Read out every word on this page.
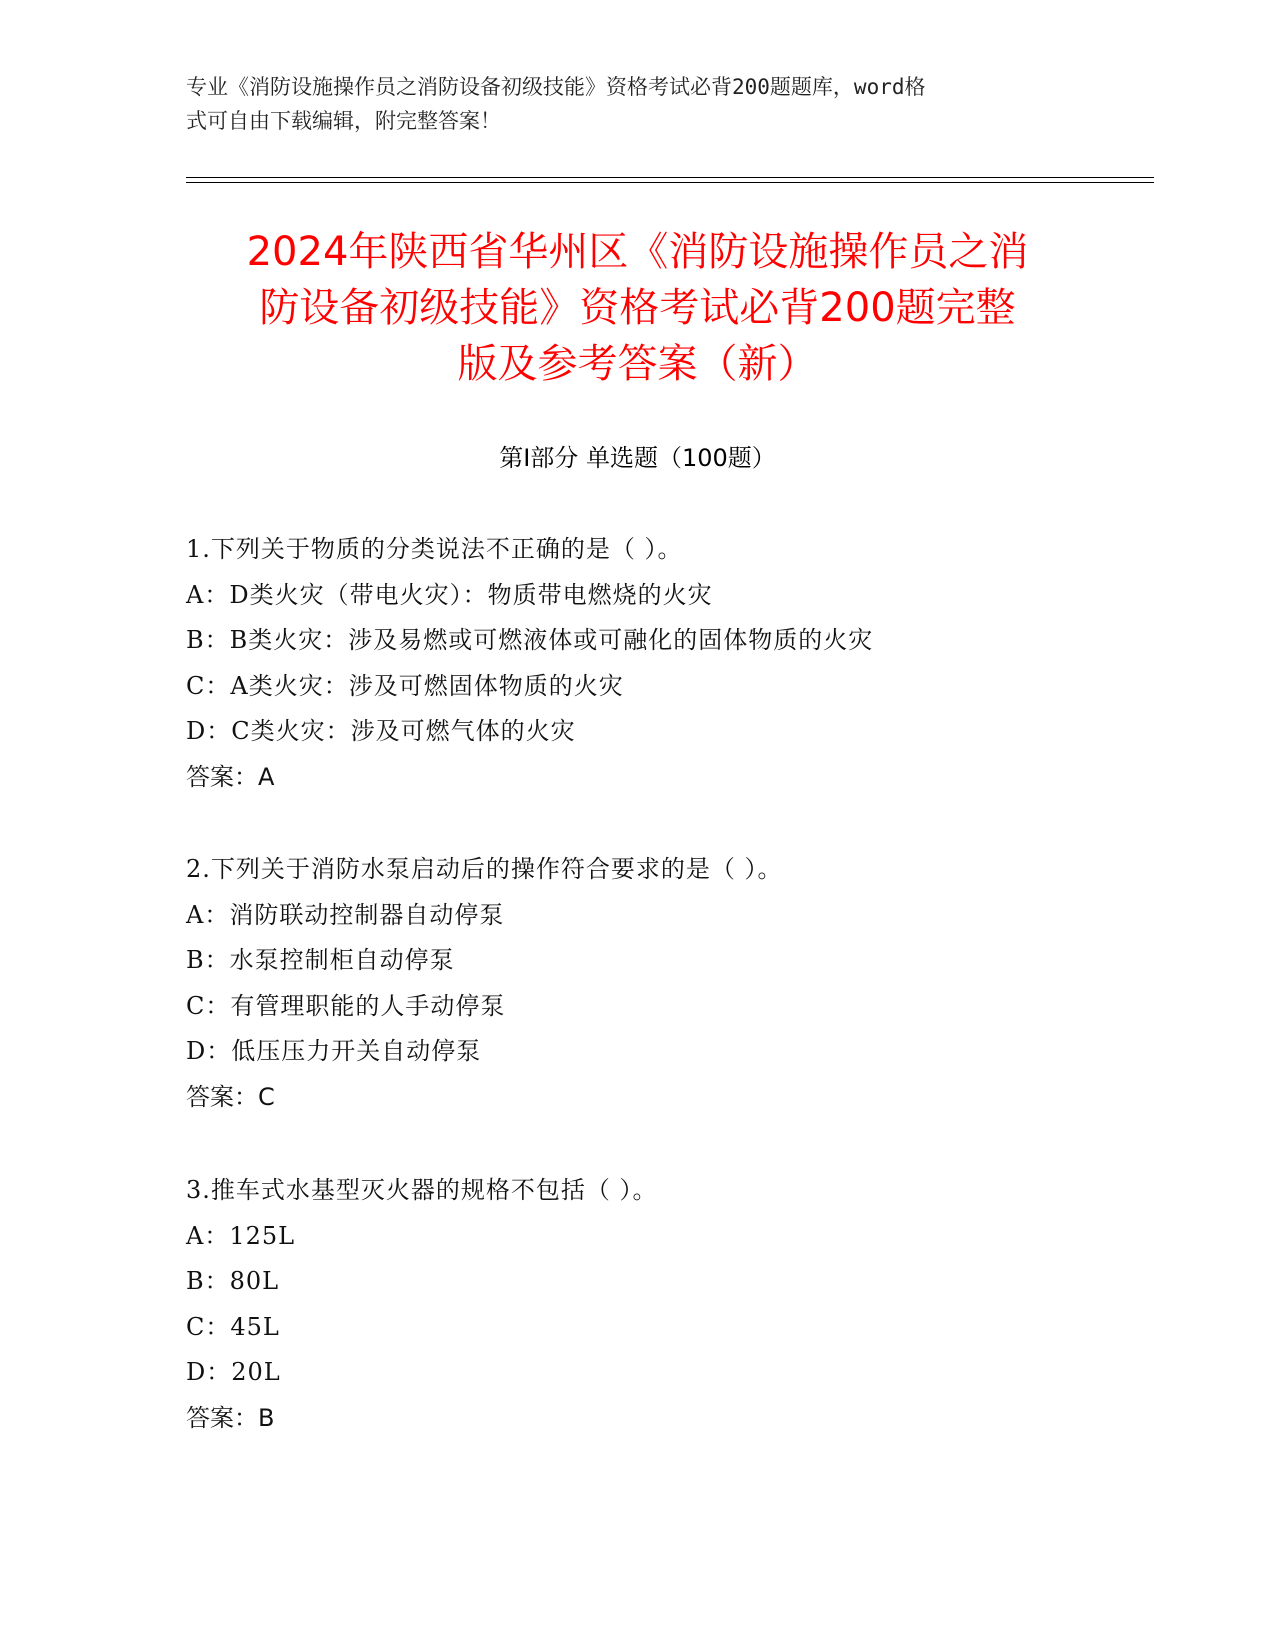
专业《消防设施操作员之消防设备初级技能》资格考试必背200题题库，word格
式可自由下载编辑，附完整答案！
2024年陕西省华州区《消防设施操作员之消
防设备初级技能》资格考试必背200题完整
版及参考答案（新）
第Ⅰ部分 单选题（100题）
1.下列关于物质的分类说法不正确的是（ ）。
A：D类火灾（带电火灾）：物质带电燃烧的火灾
B：B类火灾：涉及易燃或可燃液体或可融化的固体物质的火灾
C：A类火灾：涉及可燃固体物质的火灾
D：C类火灾：涉及可燃气体的火灾
答案：A
2.下列关于消防水泵启动后的操作符合要求的是（ ）。
A：消防联动控制器自动停泵
B：水泵控制柜自动停泵
C：有管理职能的人手动停泵
D：低压压力开关自动停泵
答案：C
3.推车式水基型灭火器的规格不包括（ ）。
A：125L
B：80L
C：45L
D：20L
答案：B
